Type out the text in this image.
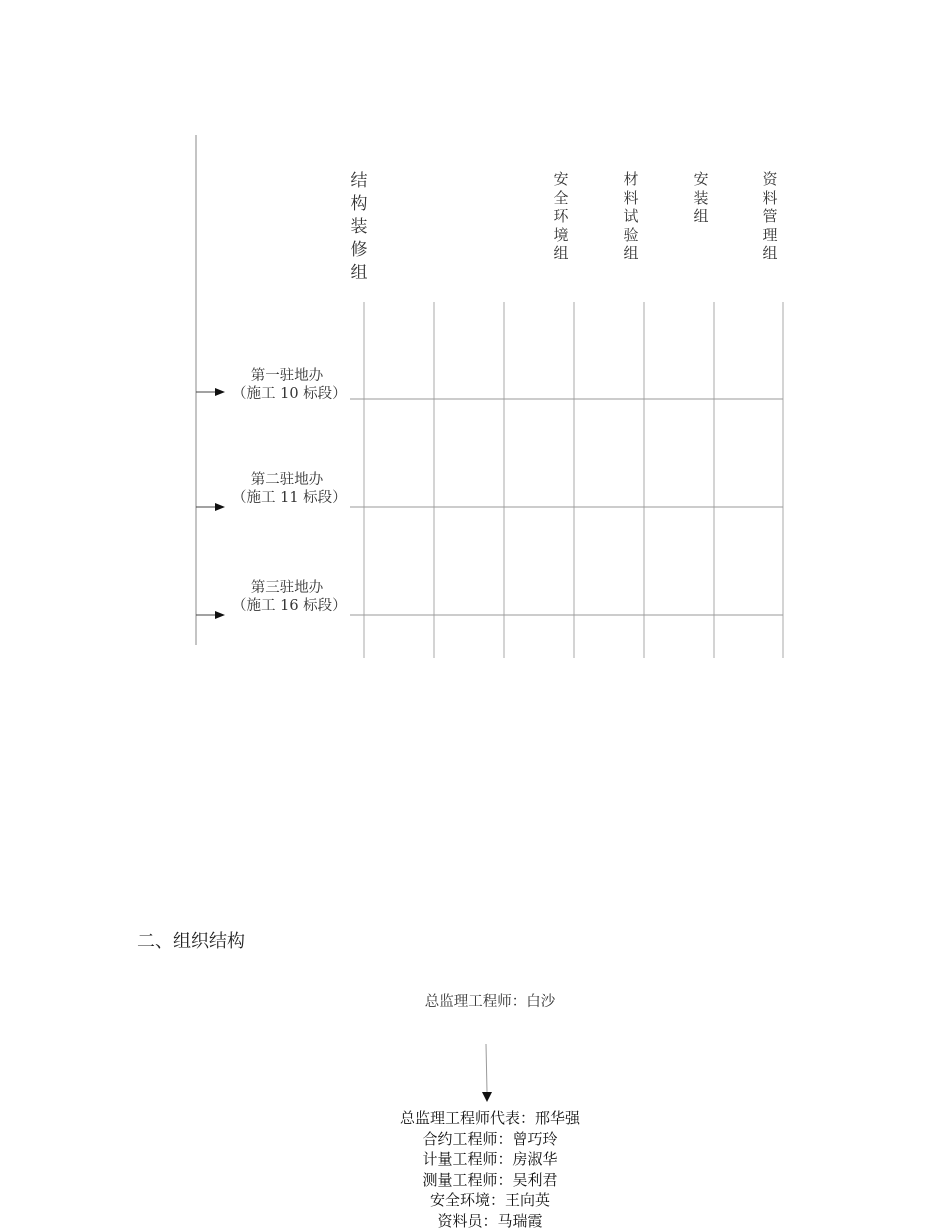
结构装修组
安全环境组
材料试验组
安装组
资料管理组
第一驻地办
（施工 10 标段）
第二驻地办
（施工 11 标段）
第三驻地办
（施工 16 标段）
二、组织结构
总监理工程师：白沙
总监理工程师代表：邢华强
合约工程师：曾巧玲
计量工程师：房淑华
测量工程师：吴利君
安全环境：王向英
资料员：马瑞霞
